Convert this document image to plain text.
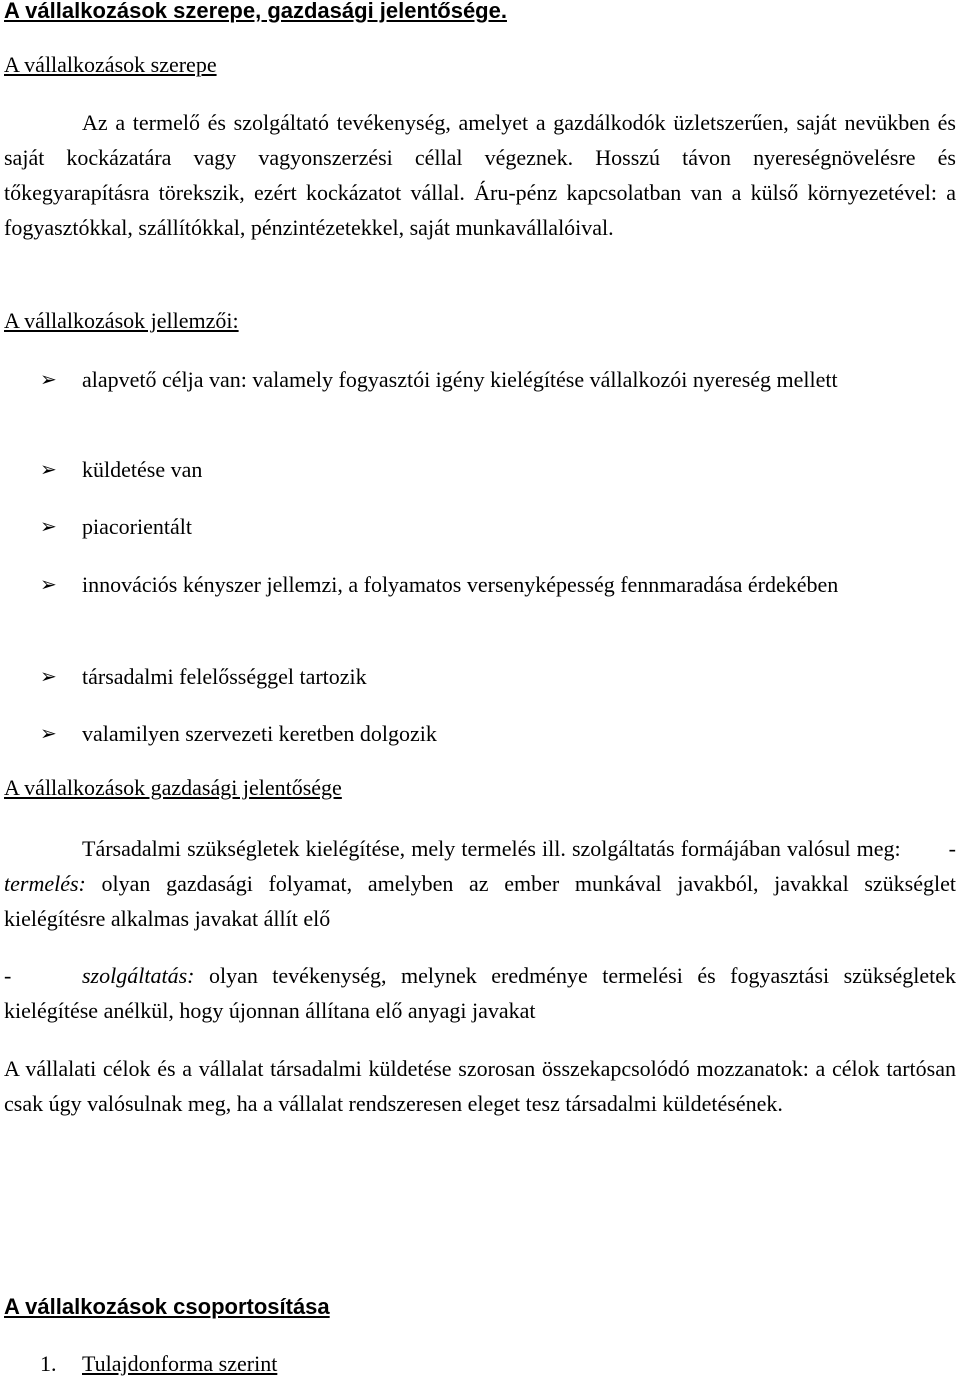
A vállalkozások szerepe, gazdasági jelentősége.
A vállalkozások szerepe
Az a termelő és szolgáltató tevékenység, amelyet a gazdálkodók üzletszerűen, saját nevükben és saját kockázatára vagy vagyonszerzési céllal végeznek. Hosszú távon nyereségnövelésre és tőkegyarapításra törekszik, ezért kockázatot vállal. Áru-pénz kapcsolatban van a külső környezetével: a fogyasztókkal, szállítókkal, pénzintézetekkel, saját munkavállalóival.
A vállalkozások jellemzői:
➢ alapvető célja van: valamely fogyasztói igény kielégítése vállalkozói nyereség mellett
➢ küldetése van
➢ piacorientált
➢ innovációs kényszer jellemzi, a folyamatos versenyképesség fennmaradása érdekében
➢ társadalmi felelősséggel tartozik
➢ valamilyen szervezeti keretben dolgozik
A vállalkozások gazdasági jelentősége
Társadalmi szükségletek kielégítése, mely termelés ill. szolgáltatás formájában valósul meg: - termelés: olyan gazdasági folyamat, amelyben az ember munkával javakból, javakkal szükséglet kielégítésre alkalmas javakat állít elő
-	szolgáltatás: olyan tevékenység, melynek eredménye termelési és fogyasztási szükségletek kielégítése anélkül, hogy újonnan állítana elő anyagi javakat
A vállalati célok és a vállalat társadalmi küldetése szorosan összekapcsolódó mozzanatok: a célok tartósan csak úgy valósulnak meg, ha a vállalat rendszeresen eleget tesz társadalmi küldetésének.
A vállalkozások csoportosítása
1. Tulajdonforma szerint
